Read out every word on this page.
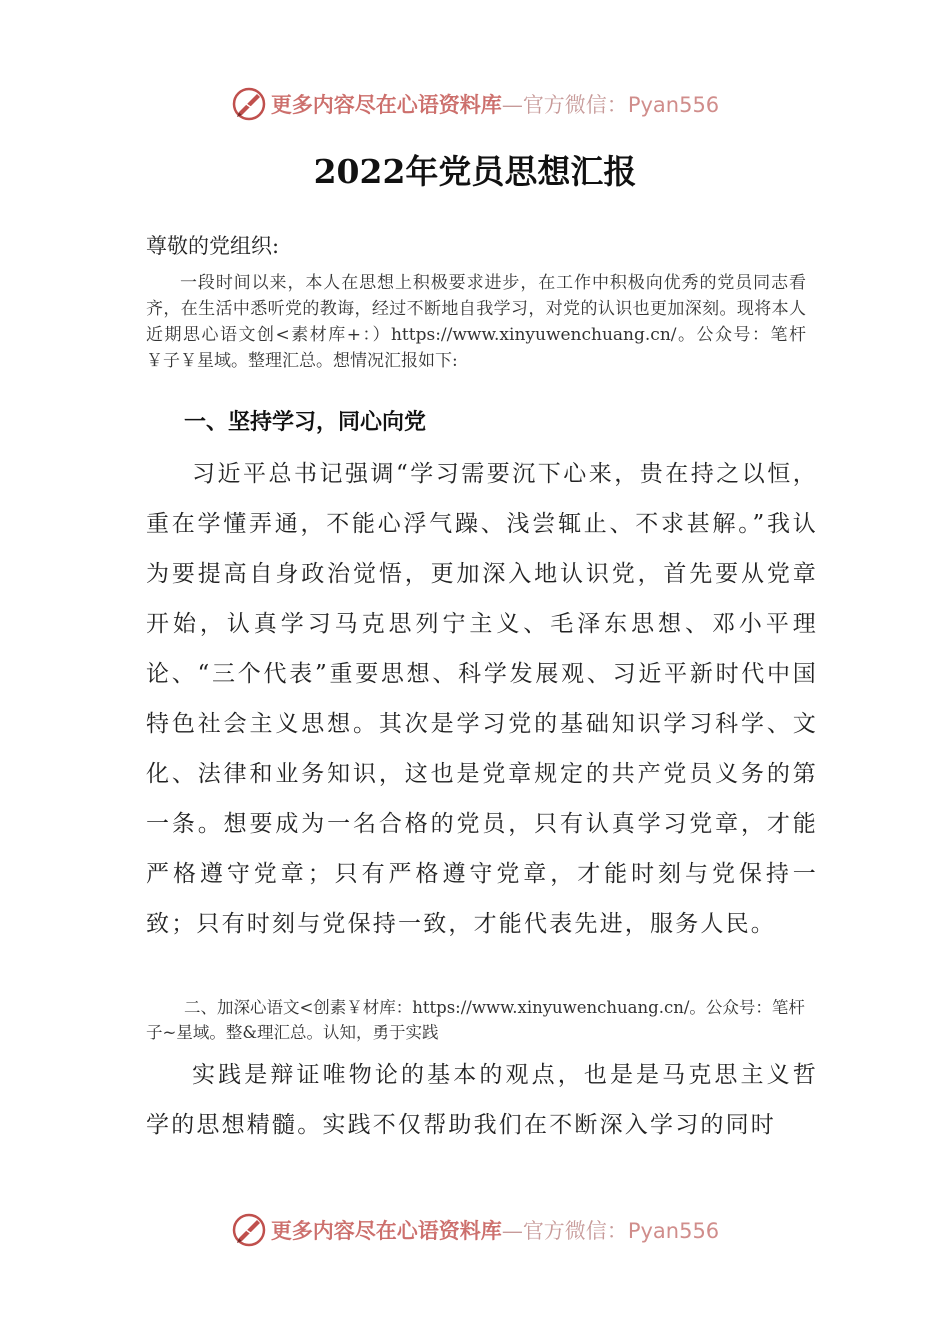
更多内容尽在心语资料库—官方微信：Pyan556
2022年党员思想汇报
尊敬的党组织:

一段时间以来，本人在思想上积极要求进步，在工作中积极向优秀的党员同志看齐，在生活中悉听党的教诲，经过不断地自我学习，对党的认识也更加深刻。现将本人近期思心语文创<素材库+：）https://www.xinyuwenchuang.cn/。公众号：笔杆￥子￥星域。整理汇总。想情况汇报如下:

一、坚持学习，同心向党

习近平总书记强调“学习需要沉下心来，贵在持之以恒，重在学懂弄通，不能心浮气躁、浅尝辄止、不求甚解。”我认为要提高自身政治觉悟，更加深入地认识党，首先要从党章开始，认真学习马克思列宁主义、毛泽东思想、邓小平理论、“三个代表”重要思想、科学发展观、习近平新时代中国特色社会主义思想。其次是学习党的基础知识学习科学、文化、法律和业务知识，这也是党章规定的共产党员义务的第一条。想要成为一名合格的党员，只有认真学习党章，才能严格遵守党章；只有严格遵守党章，才能时刻与党保持一致；只有时刻与党保持一致，才能代表先进，服务人民。

二、加深心语文<创素￥材库：https://www.xinyuwenchuang.cn/。公众号：笔杆子~星域。整&理汇总。认知，勇于实践

实践是辩证唯物论的基本的观点，也是是马克思主义哲学的思想精髓。实践不仅帮助我们在不断深入学习的同时

更多内容尽在心语资料库—官方微信：Pyan556
